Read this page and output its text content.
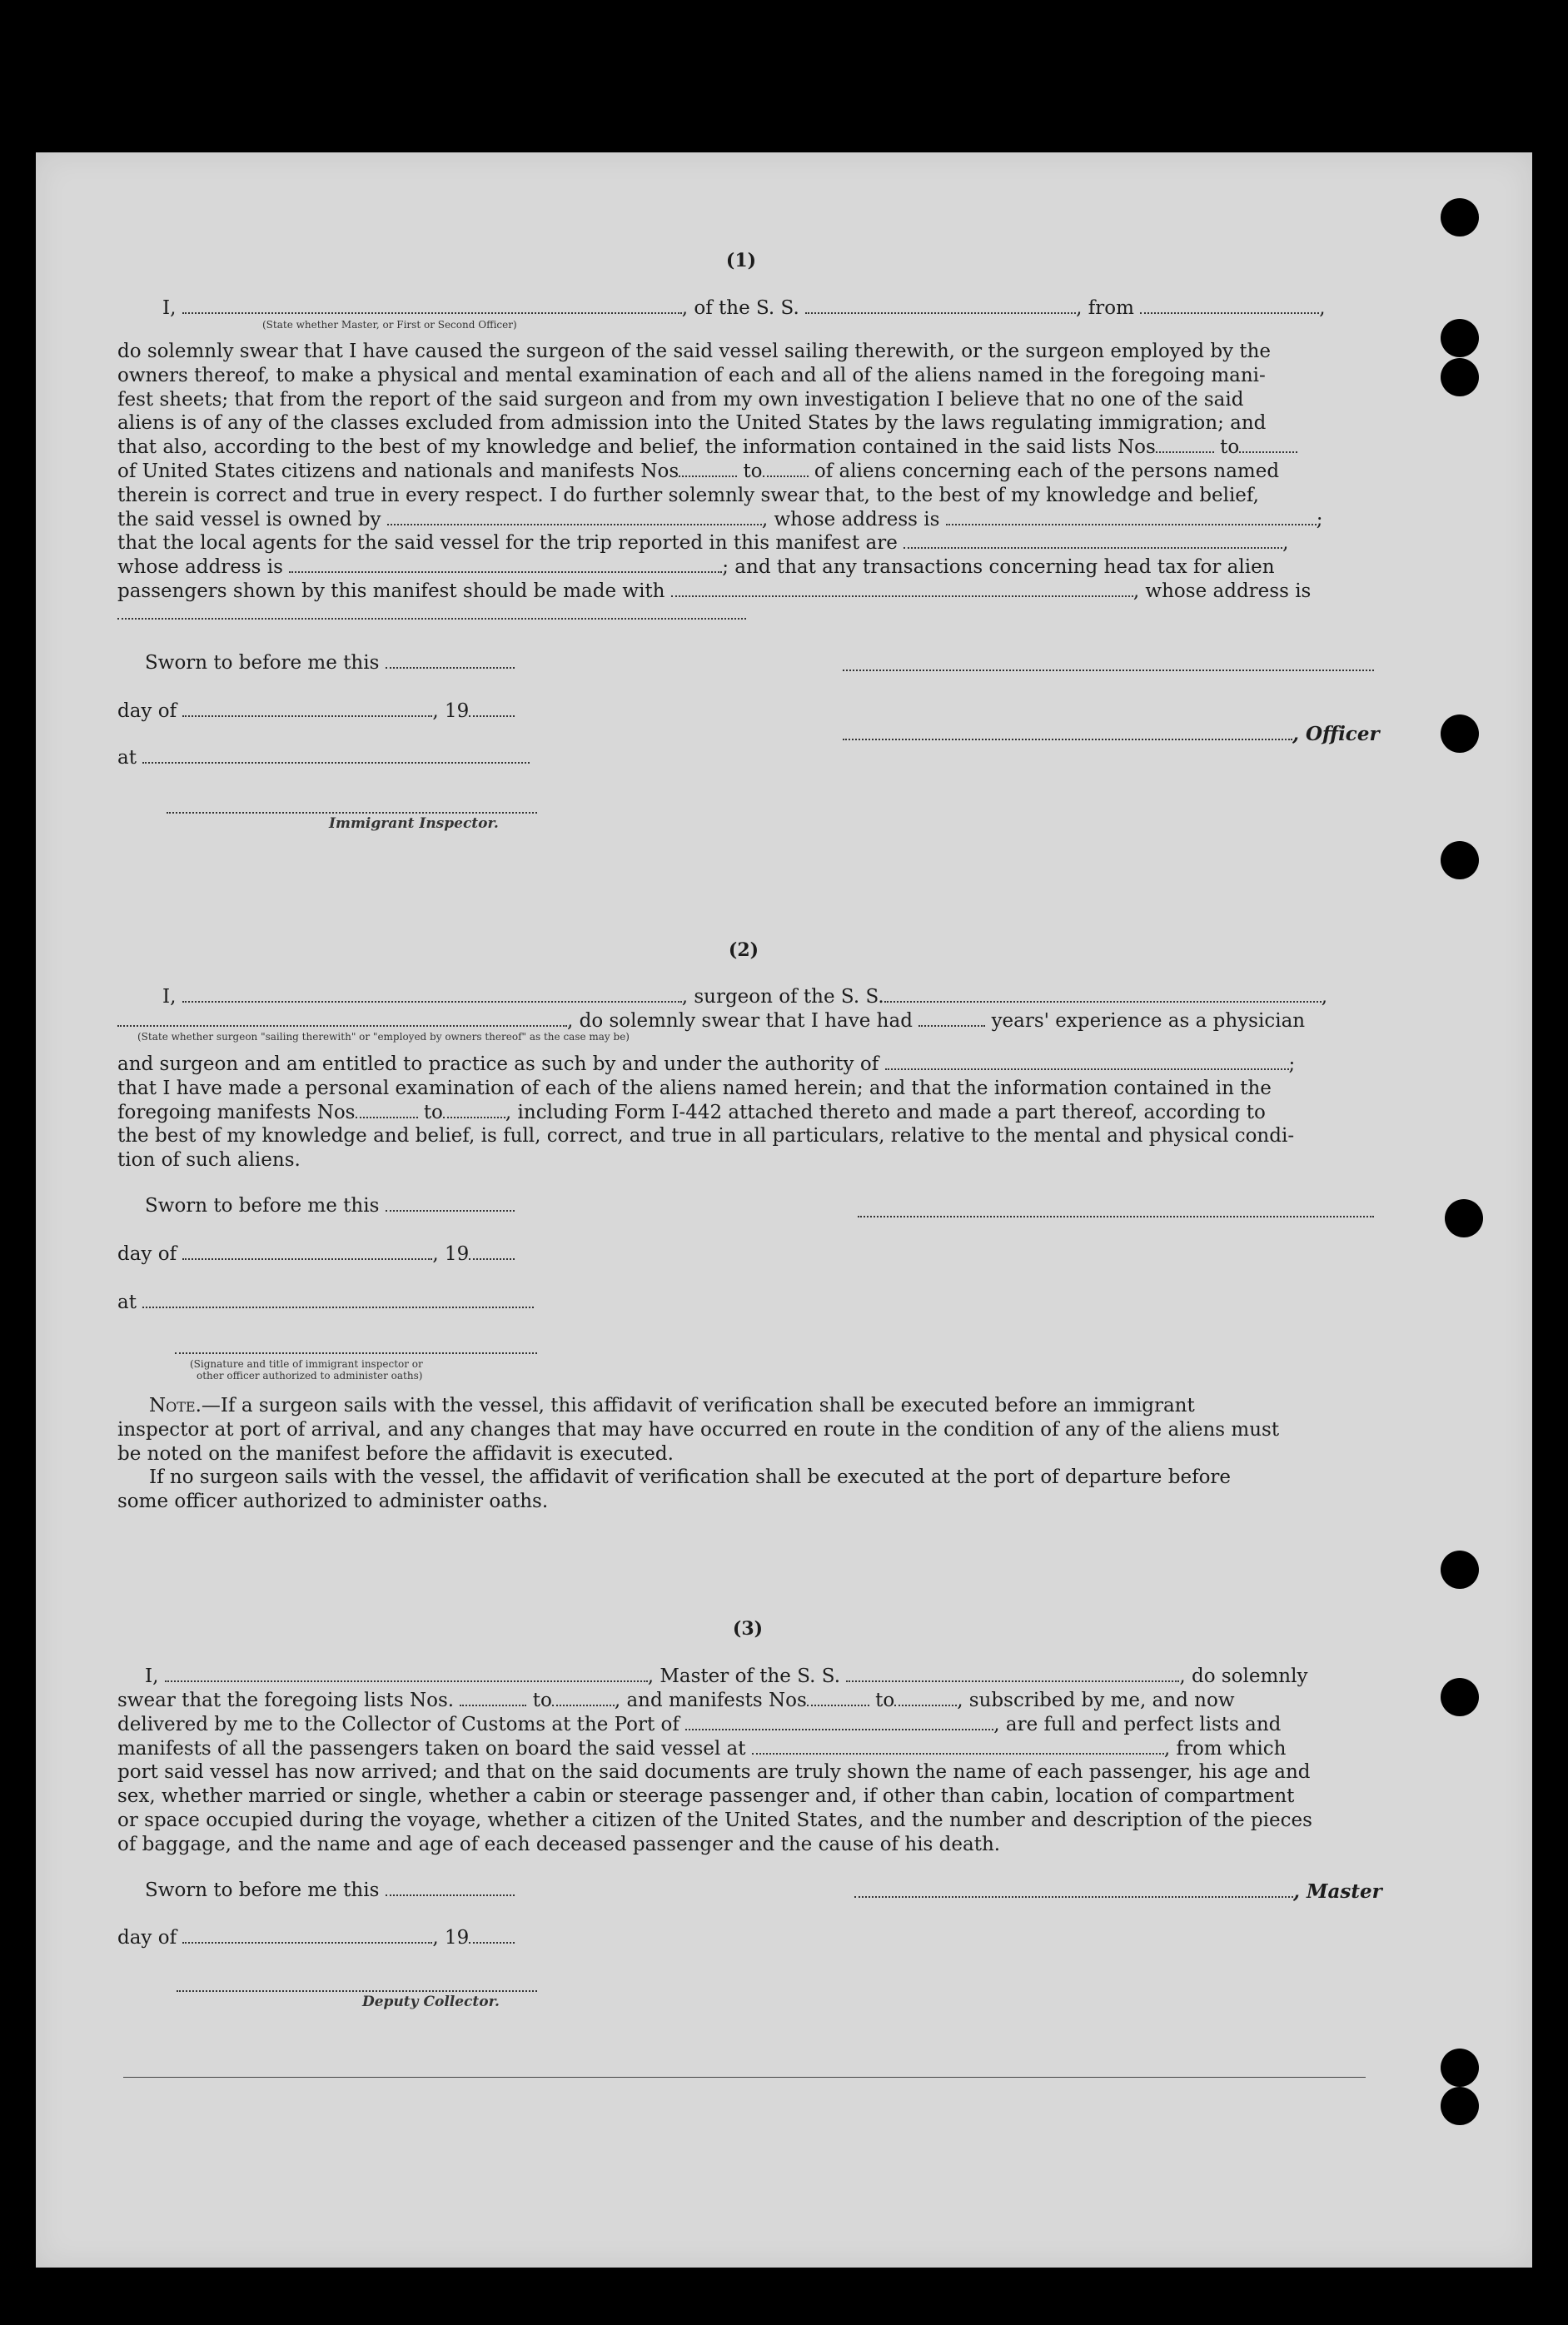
(1)
I,	, of the S. S.	, from	,
(State whether Master, or First or Second Officer)
do solemnly swear that I have caused the surgeon of the said vessel sailing therewith, or the surgeon employed by the
owners thereof, to make a physical and mental examination of each and all of the aliens named in the foregoing mani-
fest sheets; that from the report of the said surgeon and from my own investigation I believe that no one of the said
aliens is of any of the classes excluded from admission into the United States by the laws regulating immigration; and
that also, according to the best of my knowledge and belief, the information contained in the said lists Nos	to
of United States citizens and nationals and manifests Nos	to	of aliens concerning each of the persons named
therein is correct and true in every respect. I do further solemnly swear that, to the best of my knowledge and belief,
the said vessel is owned by	, whose address is	;
that the local agents for the said vessel for the trip reported in this manifest are	,
whose address is	; and that any transactions concerning head tax for alien
passengers shown by this manifest should be made with	, whose address is
Sworn to before me this
day of	, 19
, Officer
at
Immigrant Inspector.
(2)
I,	, surgeon of the S. S.	,
, do solemnly swear that I have had	years' experience as a physician
(State whether surgeon "sailing therewith" or "employed by owners thereof" as the case may be)
and surgeon and am entitled to practice as such by and under the authority of	;
that I have made a personal examination of each of the aliens named herein; and that the information contained in the
foregoing manifests Nos	to	, including Form I-442 attached thereto and made a part thereof, according to
the best of my knowledge and belief, is full, correct, and true in all particulars, relative to the mental and physical condi-
tion of such aliens.
Sworn to before me this
day of	, 19
at
(Signature and title of immigrant inspector or
other officer authorized to administer oaths)
Note.—If a surgeon sails with the vessel, this affidavit of verification shall be executed before an immigrant
inspector at port of arrival, and any changes that may have occurred en route in the condition of any of the aliens must
be noted on the manifest before the affidavit is executed.
If no surgeon sails with the vessel, the affidavit of verification shall be executed at the port of departure before
some officer authorized to administer oaths.
(3)
I,	, Master of the S. S.	, do solemnly
swear that the foregoing lists Nos.	to	, and manifests Nos	to	, subscribed by me, and now
delivered by me to the Collector of Customs at the Port of	, are full and perfect lists and
manifests of all the passengers taken on board the said vessel at	, from which
port said vessel has now arrived; and that on the said documents are truly shown the name of each passenger, his age and
sex, whether married or single, whether a cabin or steerage passenger and, if other than cabin, location of compartment
or space occupied during the voyage, whether a citizen of the United States, and the number and description of the pieces
of baggage, and the name and age of each deceased passenger and the cause of his death.
Sworn to before me this	, Master
day of	, 19
Deputy Collector.
